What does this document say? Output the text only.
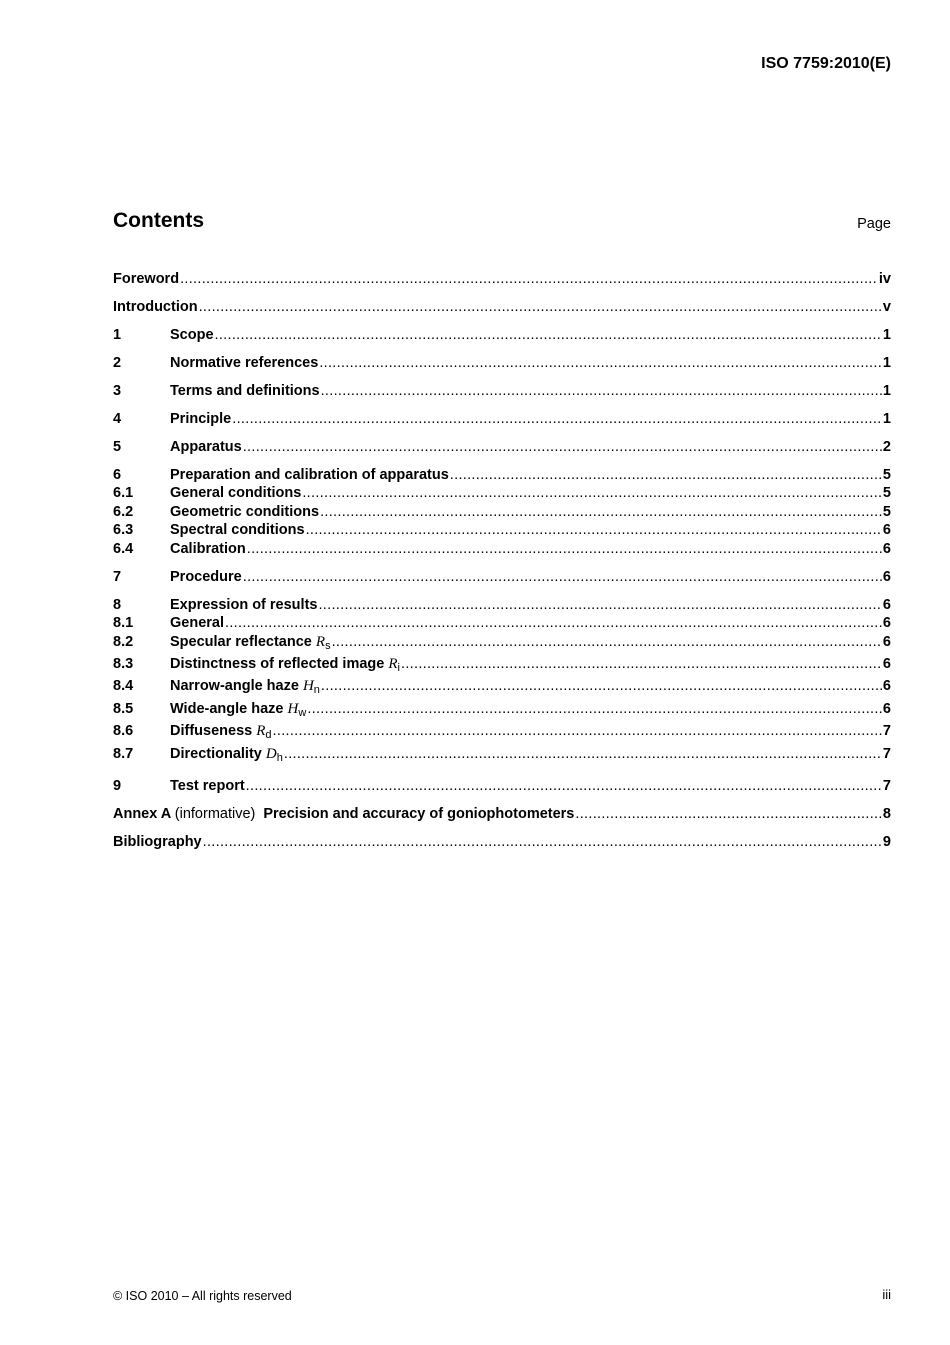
ISO 7759:2010(E)
Contents	Page
Foreword .....	iv
Introduction .....	v
1	Scope .....	1
2	Normative references .....	1
3	Terms and definitions .....	1
4	Principle .....	1
5	Apparatus .....	2
6	Preparation and calibration of apparatus .....	5
6.1	General conditions .....	5
6.2	Geometric conditions .....	5
6.3	Spectral conditions .....	6
6.4	Calibration .....	6
7	Procedure .....	6
8	Expression of results .....	6
8.1	General .....	6
8.2	Specular reflectance $R_s$ .....	6
8.3	Distinctness of reflected image $R_i$ .....	6
8.4	Narrow-angle haze $H_n$ .....	6
8.5	Wide-angle haze $H_w$ .....	6
8.6	Diffuseness $R_d$ .....	7
8.7	Directionality $D_h$ .....	7
9	Test report .....	7
Annex A (informative) Precision and accuracy of goniophotometers .....	8
Bibliography .....	9
© ISO 2010 – All rights reserved	iii
